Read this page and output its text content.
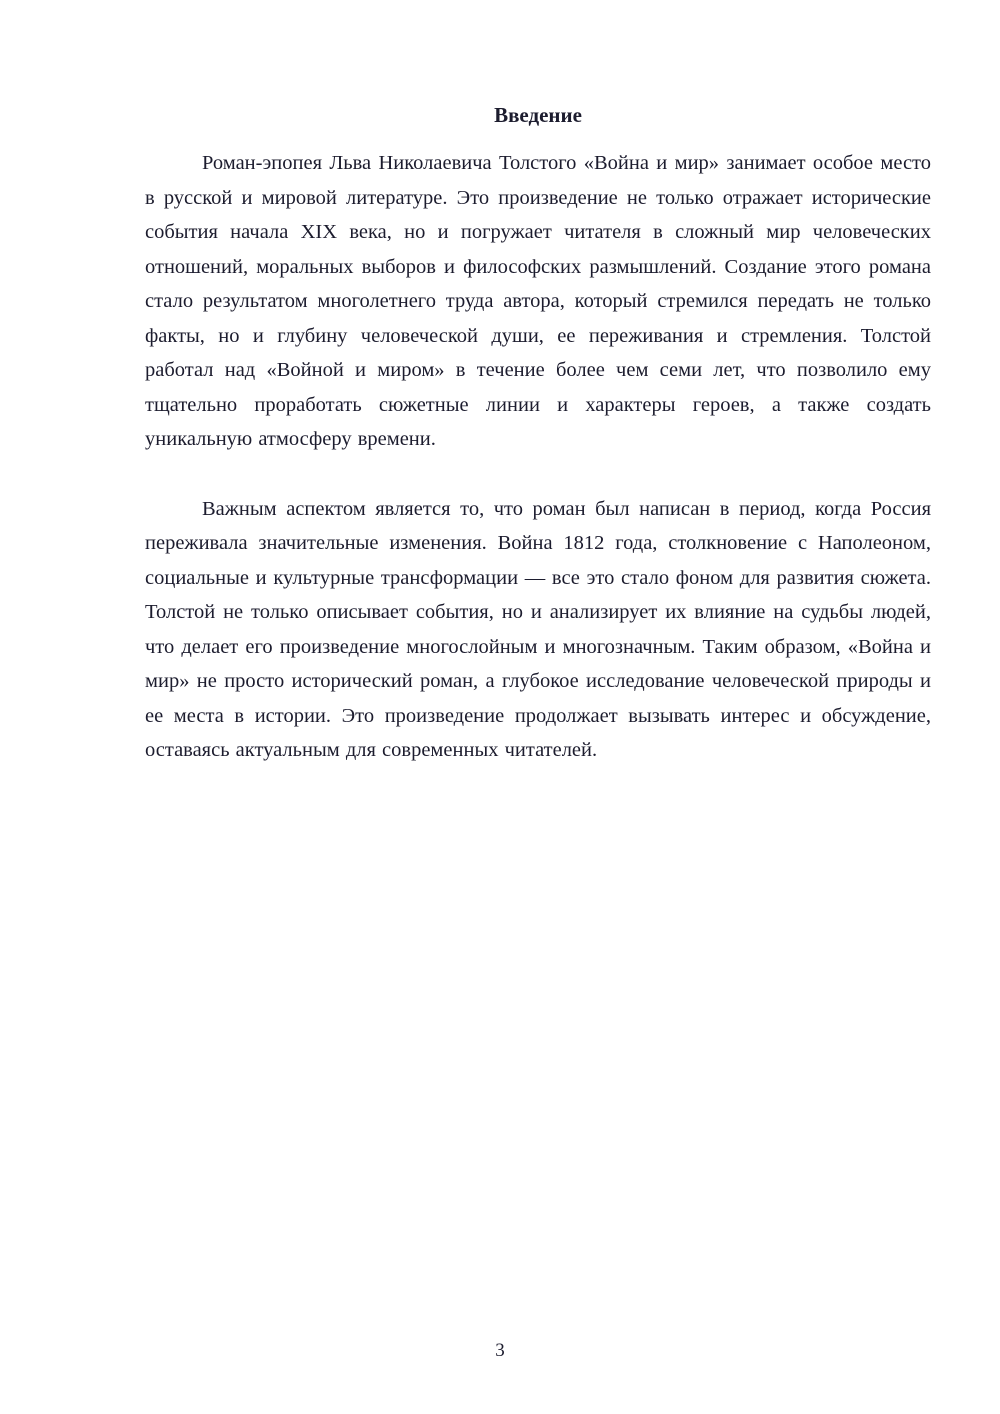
Введение

Роман-эпопея Льва Николаевича Толстого «Война и мир» занимает особое место в русской и мировой литературе. Это произведение не только отражает исторические события начала XIX века, но и погружает читателя в сложный мир человеческих отношений, моральных выборов и философских размышлений. Создание этого романа стало результатом многолетнего труда автора, который стремился передать не только факты, но и глубину человеческой души, ее переживания и стремления. Толстой работал над «Войной и миром» в течение более чем семи лет, что позволило ему тщательно проработать сюжетные линии и характеры героев, а также создать уникальную атмосферу времени.

Важным аспектом является то, что роман был написан в период, когда Россия переживала значительные изменения. Война 1812 года, столкновение с Наполеоном, социальные и культурные трансформации — все это стало фоном для развития сюжета. Толстой не только описывает события, но и анализирует их влияние на судьбы людей, что делает его произведение многослойным и многозначным. Таким образом, «Война и мир» не просто исторический роман, а глубокое исследование человеческой природы и ее места в истории. Это произведение продолжает вызывать интерес и обсуждение, оставаясь актуальным для современных читателей.

3
